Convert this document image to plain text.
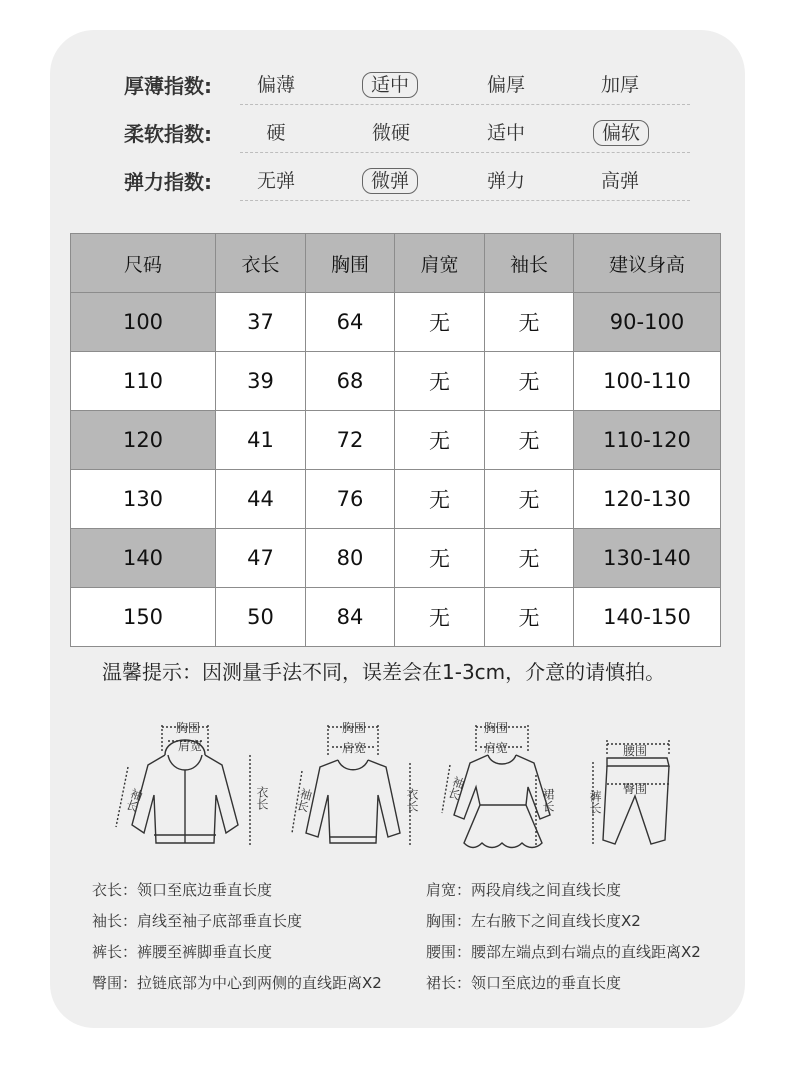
厚薄指数:	偏薄	适中	偏厚	加厚
柔软指数:	硬	微硬	适中	偏软
弹力指数:	无弹	微弹	弹力	高弹
尺码	衣长	胸围	肩宽	袖长	建议身高
100	37	64	无	无	90-100
110	39	68	无	无	100-110
120	41	72	无	无	110-120
130	44	76	无	无	120-130
140	47	80	无	无	130-140
150	50	84	无	无	140-150
温馨提示：因测量手法不同，误差会在1-3cm，介意的请慎拍。
胸围
肩宽
袖长	衣长
胸围
肩宽
袖长	衣长
胸围
肩宽
袖长	裙长
腰围
臀围
裤长
衣长：领口至底边垂直长度
袖长：肩线至袖子底部垂直长度
裤长：裤腰至裤脚垂直长度
臀围：拉链底部为中心到两侧的直线距离X2
肩宽：两段肩线之间直线长度
胸围：左右腋下之间直线长度X2
腰围：腰部左端点到右端点的直线距离X2
裙长：领口至底边的垂直长度
